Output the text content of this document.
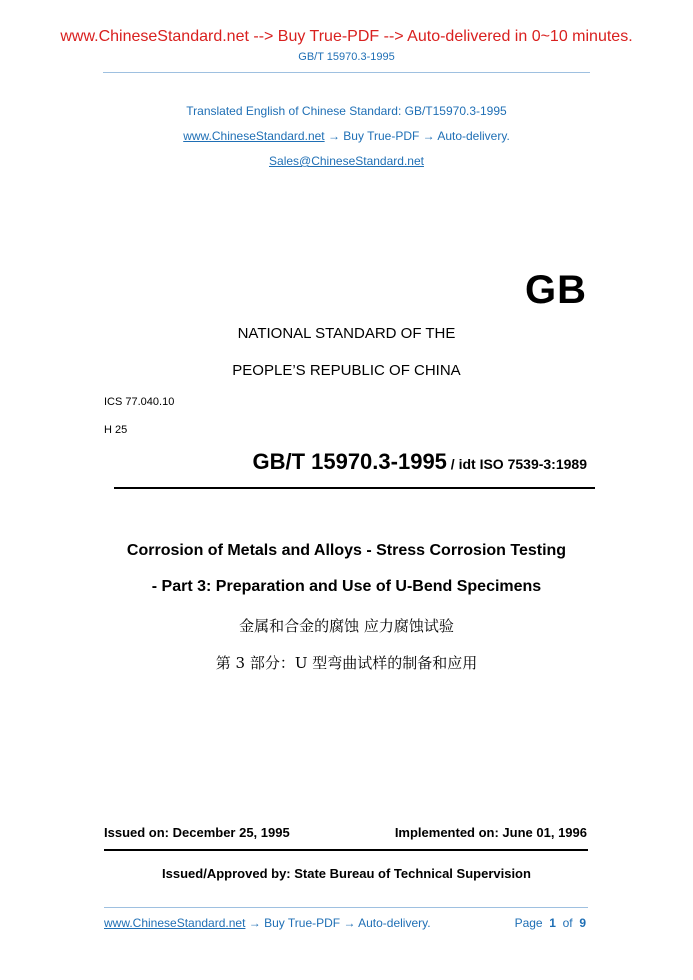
www.ChineseStandard.net --> Buy True-PDF --> Auto-delivered in 0~10 minutes.
GB/T 15970.3-1995
Translated English of Chinese Standard: GB/T15970.3-1995
www.ChineseStandard.net → Buy True-PDF → Auto-delivery.
Sales@ChineseStandard.net
GB
NATIONAL STANDARD OF THE
PEOPLE’S REPUBLIC OF CHINA
ICS 77.040.10
H 25
GB/T 15970.3-1995 / idt ISO 7539-3:1989
Corrosion of Metals and Alloys - Stress Corrosion Testing
- Part 3: Preparation and Use of U-Bend Specimens
金属和合金的腐蚀 应力腐蚀试验
第 3 部分：U 型弯曲试样的制备和应用
Issued on: December 25, 1995	Implemented on: June 01, 1996
Issued/Approved by: State Bureau of Technical Supervision
www.ChineseStandard.net → Buy True-PDF → Auto-delivery.	Page 1 of 9
